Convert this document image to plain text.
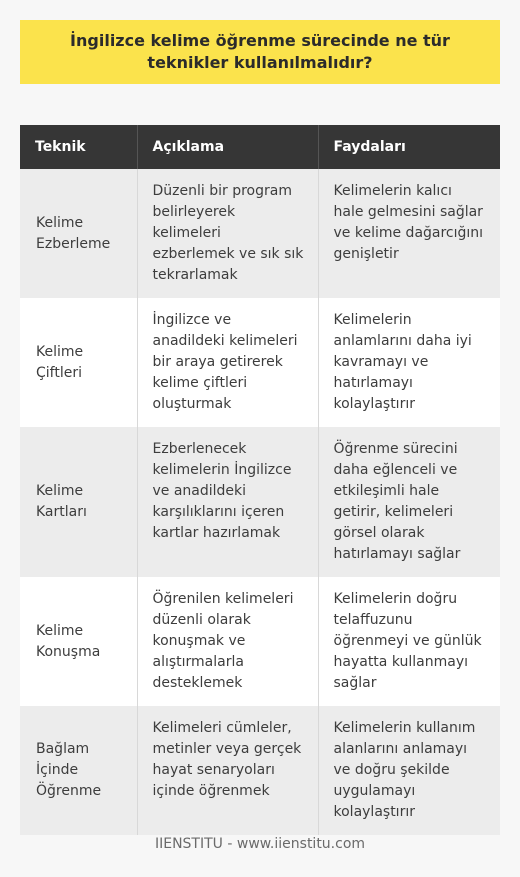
İngilizce kelime öğrenme sürecinde ne tür teknikler kullanılmalıdır?
Teknik	Açıklama	Faydaları
Kelime Ezberleme	Düzenli bir program belirleyerek kelimeleri ezberlemek ve sık sık tekrarlamak	Kelimelerin kalıcı hale gelmesini sağlar ve kelime dağarcığını genişletir
Kelime Çiftleri	İngilizce ve anadildeki kelimeleri bir araya getirerek kelime çiftleri oluşturmak	Kelimelerin anlamlarını daha iyi kavramayı ve hatırlamayı kolaylaştırır
Kelime Kartları	Ezberlenecek kelimelerin İngilizce ve anadildeki karşılıklarını içeren kartlar hazırlamak	Öğrenme sürecini daha eğlenceli ve etkileşimli hale getirir, kelimeleri görsel olarak hatırlamayı sağlar
Kelime Konuşma	Öğrenilen kelimeleri düzenli olarak konuşmak ve alıştırmalarla desteklemek	Kelimelerin doğru telaffuzunu öğrenmeyi ve günlük hayatta kullanmayı sağlar
Bağlam İçinde Öğrenme	Kelimeleri cümleler, metinler veya gerçek hayat senaryoları içinde öğrenmek	Kelimelerin kullanım alanlarını anlamayı ve doğru şekilde uygulamayı kolaylaştırır
IIENSTITU - www.iienstitu.com
